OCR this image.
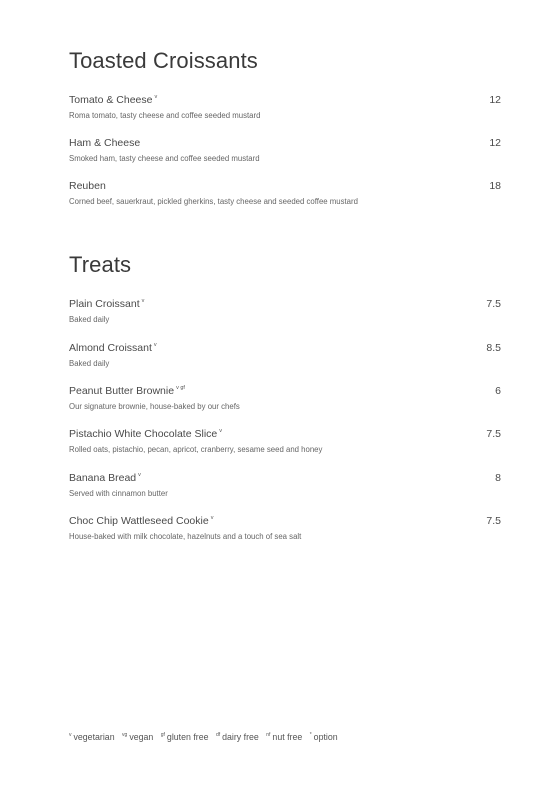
Toasted Croissants
Tomato & Cheese $^v$	12
Roma tomato, tasty cheese and coffee seeded mustard
Ham & Cheese	12
Smoked ham, tasty cheese and coffee seeded mustard
Reuben	18
Corned beef, sauerkraut, pickled gherkins, tasty cheese and seeded coffee mustard
Treats
Plain Croissant $^v$	7.5
Baked daily
Almond Croissant $^v$	8.5
Baked daily
Peanut Butter Brownie $^{v gf}$	6
Our signature brownie, house-baked by our chefs
Pistachio White Chocolate Slice $^v$	7.5
Rolled oats, pistachio, pecan, apricot, cranberry, sesame seed and honey
Banana Bread $^v$	8
Served with cinnamon butter
Choc Chip Wattleseed Cookie $^v$	7.5
House-baked with milk chocolate, hazelnuts and a touch of sea salt
$^v$ vegetarian $^{vg}$ vegan $^{gf}$ gluten free $^{df}$ dairy free $^{nf}$ nut free * option
